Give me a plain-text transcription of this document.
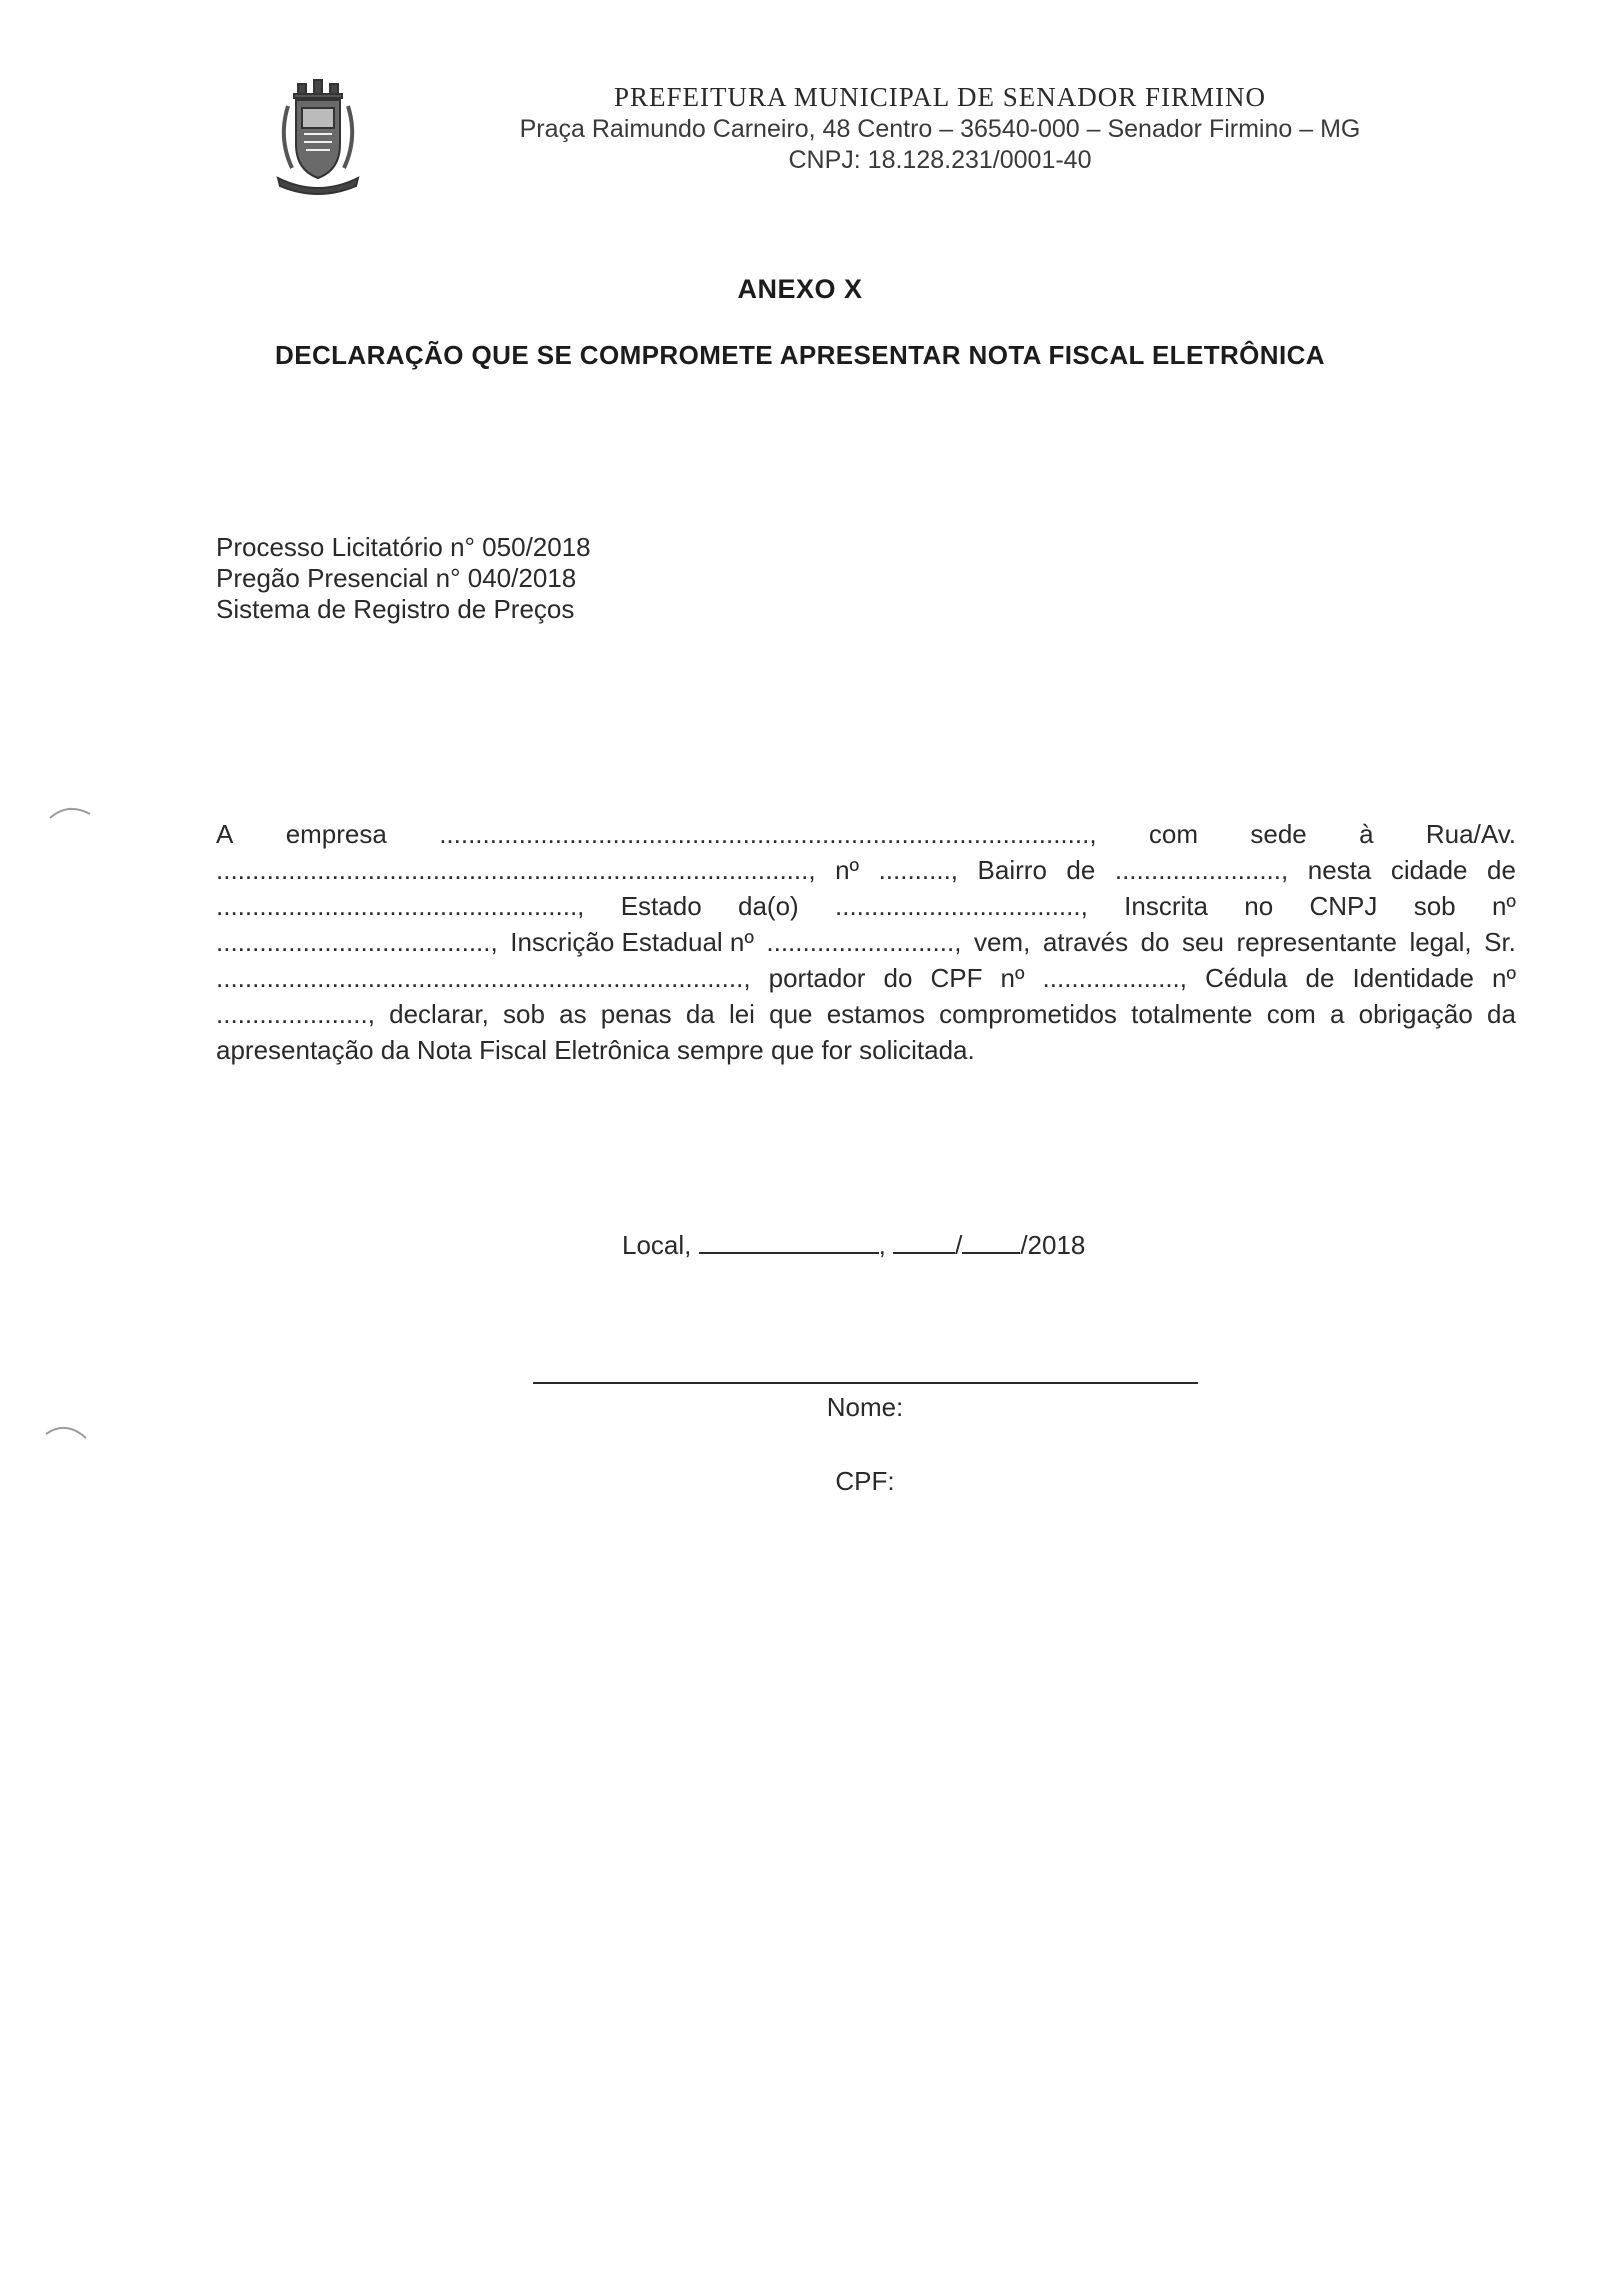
PREFEITURA MUNICIPAL DE SENADOR FIRMINO
Praça Raimundo Carneiro, 48 Centro – 36540-000 – Senador Firmino – MG
CNPJ: 18.128.231/0001-40
ANEXO X
DECLARAÇÃO QUE SE COMPROMETE APRESENTAR NOTA FISCAL ELETRÔNICA
Processo Licitatório n° 050/2018
Pregão Presencial n° 040/2018
Sistema de Registro de Preços
A empresa .........................................................................................., com sede à Rua/Av.
.................................................................................., nº .........., Bairro de ......................., nesta cidade de
.................................................., Estado da(o) .................................., Inscrita no CNPJ sob nº
......................................, Inscrição Estadual nº .........................., vem, através do seu representante legal, Sr.
........................................................................., portador do CPF nº ..................., Cédula de Identidade nº
....................., declarar, sob as penas da lei que estamos comprometidos totalmente com a obrigação da
apresentação da Nota Fiscal Eletrônica sempre que for solicitada.
Local,	,	/ /2018
Nome:
CPF:
